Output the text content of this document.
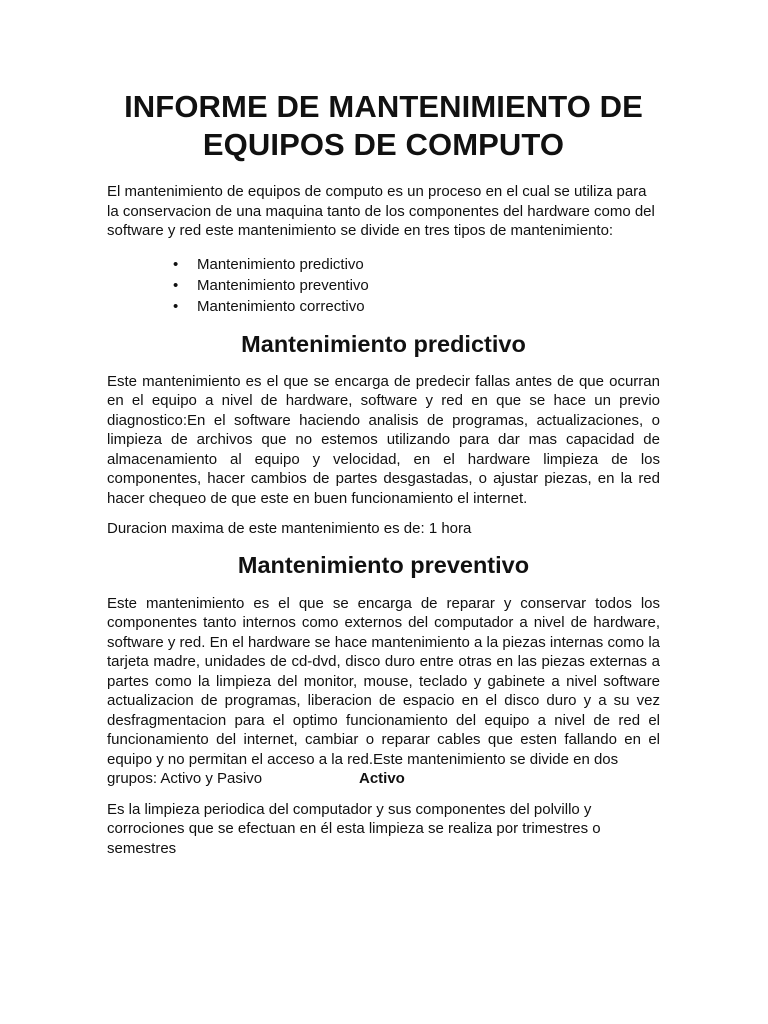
INFORME DE MANTENIMIENTO DE
EQUIPOS DE COMPUTO

El mantenimiento de equipos de computo es un proceso en el cual se utiliza para
la conservacion de una maquina tanto de los componentes del hardware como del
software y red este mantenimiento se divide en tres tipos de mantenimiento:

• Mantenimiento predictivo
• Mantenimiento preventivo
• Mantenimiento correctivo
Mantenimiento predictivo

Este mantenimiento es el que se encarga de predecir fallas antes de que ocurran en el equipo a nivel de hardware, software y red en que se hace un previo diagnostico:En el software haciendo analisis de programas, actualizaciones, o limpieza de archivos que no estemos utilizando para dar mas capacidad de almacenamiento al equipo y velocidad, en el hardware limpieza de los componentes, hacer cambios de partes desgastadas, o ajustar piezas, en la red hacer chequeo de que este en buen funcionamiento el internet.

Duracion maxima de este mantenimiento es de: 1 hora

Mantenimiento preventivo

Este mantenimiento es el que se encarga de reparar y conservar todos los componentes tanto internos como externos del computador a nivel de hardware, software y red. En el hardware se hace mantenimiento a la piezas internas como la tarjeta madre, unidades de cd-dvd, disco duro entre otras en las piezas externas a partes como la limpieza del monitor, mouse, teclado y gabinete a nivel software actualizacion de programas, liberacion de espacio en el disco duro y a su vez desfragmentacion para el optimo funcionamiento del equipo a nivel de red el funcionamiento del internet, cambiar o reparar cables que esten fallando en el equipo y no permitan el acceso a la red.Este mantenimiento se divide en dos

grupos: Activo y Pasivo	Activo

Es la limpieza periodica del computador y sus componentes del polvillo y
corrociones que se efectuan en él esta limpieza se realiza por trimestres o
semestres
